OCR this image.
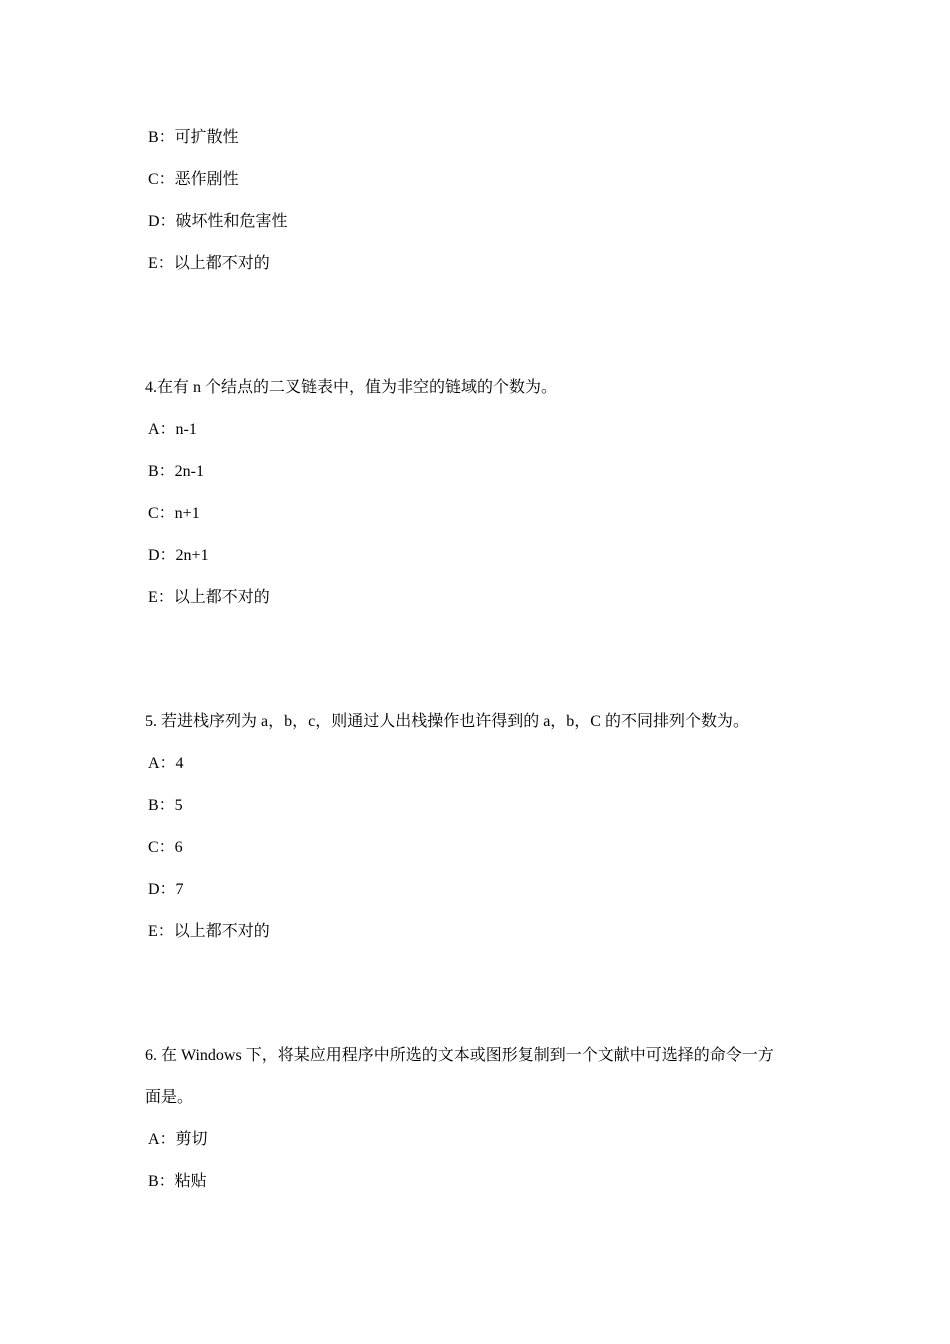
B：可扩散性
C：恶作剧性
D：破坏性和危害性
E：以上都不对的
4.在有 n 个结点的二叉链表中，值为非空的链域的个数为。
A：n-1
B：2n-1
C：n+1
D：2n+1
E：以上都不对的
5. 若进栈序列为 a，b，c，则通过人出栈操作也许得到的 a，b，C 的不同排列个数为。
A：4
B：5
C：6
D：7
E：以上都不对的
6. 在 Windows 下，将某应用程序中所选的文本或图形复制到一个文献中可选择的命令一方
面是。
A：剪切
B：粘贴
